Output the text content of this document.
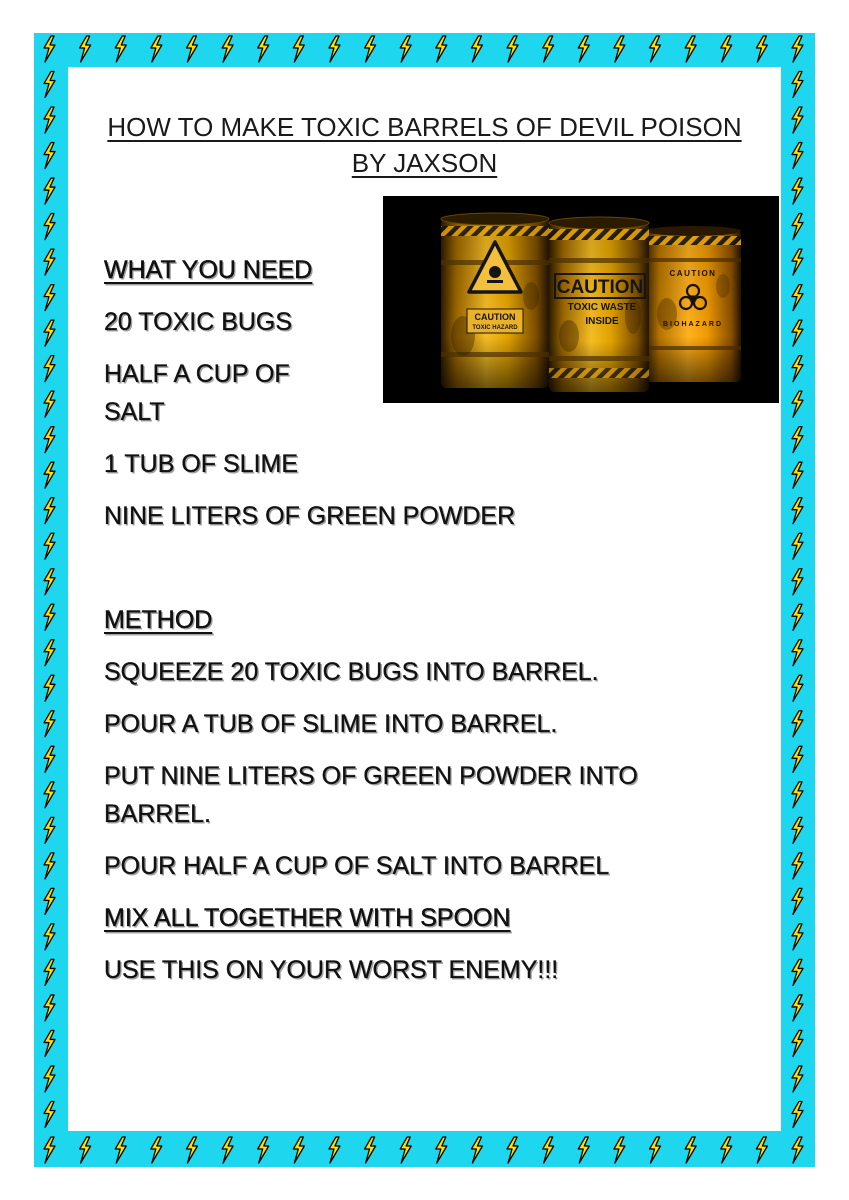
HOW TO MAKE TOXIC BARRELS OF DEVIL POISON
BY JAXSON
CAUTION
BIOHAZARD
CAUTION
TOXIC HAZARD
CAUTION
TOXIC WASTE
INSIDE
WHAT YOU NEED
20 TOXIC BUGS
HALF A CUP OF SALT
1 TUB OF SLIME
NINE LITERS OF GREEN POWDER
METHOD
SQUEEZE 20 TOXIC BUGS INTO BARREL.
POUR A TUB OF SLIME INTO BARREL.
PUT NINE LITERS OF GREEN POWDER INTO BARREL.
POUR HALF A CUP OF SALT INTO BARREL
MIX ALL TOGETHER WITH SPOON
USE THIS ON YOUR WORST ENEMY!!!
